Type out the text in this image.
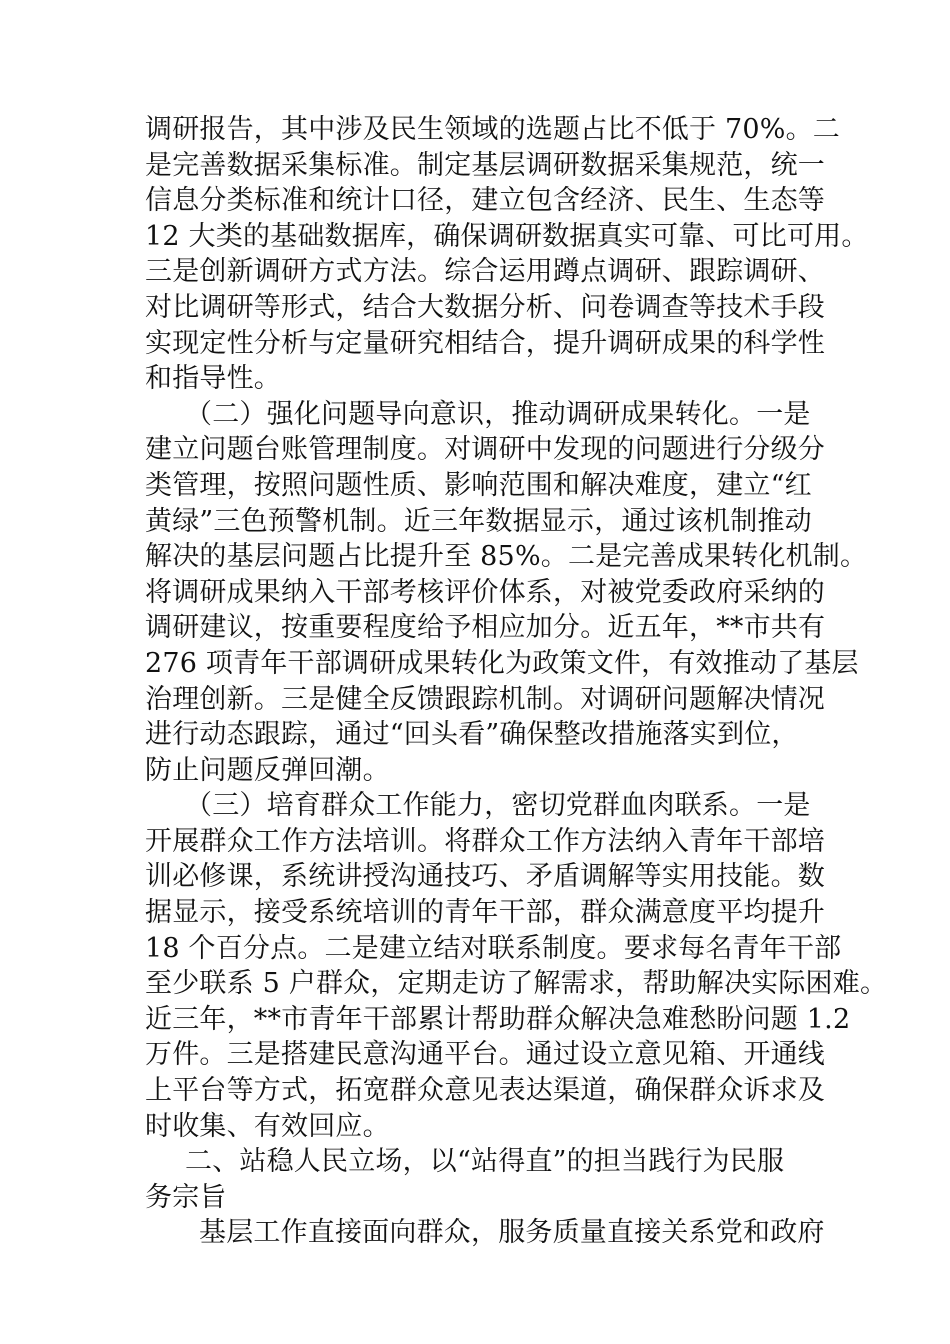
调研报告，其中涉及民生领域的选题占比不低于 70%。二
是完善数据采集标准。制定基层调研数据采集规范，统一
信息分类标准和统计口径，建立包含经济、民生、生态等
12 大类的基础数据库，确保调研数据真实可靠、可比可用。
三是创新调研方式方法。综合运用蹲点调研、跟踪调研、
对比调研等形式，结合大数据分析、问卷调查等技术手段
实现定性分析与定量研究相结合，提升调研成果的科学性
和指导性。
（二）强化问题导向意识，推动调研成果转化。一是
建立问题台账管理制度。对调研中发现的问题进行分级分
类管理，按照问题性质、影响范围和解决难度，建立“红
黄绿”三色预警机制。近三年数据显示，通过该机制推动
解决的基层问题占比提升至 85%。二是完善成果转化机制。
将调研成果纳入干部考核评价体系，对被党委政府采纳的
调研建议，按重要程度给予相应加分。近五年，**市共有
276 项青年干部调研成果转化为政策文件，有效推动了基层
治理创新。三是健全反馈跟踪机制。对调研问题解决情况
进行动态跟踪，通过“回头看”确保整改措施落实到位，
防止问题反弹回潮。
（三）培育群众工作能力，密切党群血肉联系。一是
开展群众工作方法培训。将群众工作方法纳入青年干部培
训必修课，系统讲授沟通技巧、矛盾调解等实用技能。数
据显示，接受系统培训的青年干部，群众满意度平均提升
18 个百分点。二是建立结对联系制度。要求每名青年干部
至少联系 5 户群众，定期走访了解需求，帮助解决实际困难。
近三年，**市青年干部累计帮助群众解决急难愁盼问题 1.2
万件。三是搭建民意沟通平台。通过设立意见箱、开通线
上平台等方式，拓宽群众意见表达渠道，确保群众诉求及
时收集、有效回应。
二、站稳人民立场，以“站得直”的担当践行为民服
务宗旨
基层工作直接面向群众，服务质量直接关系党和政府
